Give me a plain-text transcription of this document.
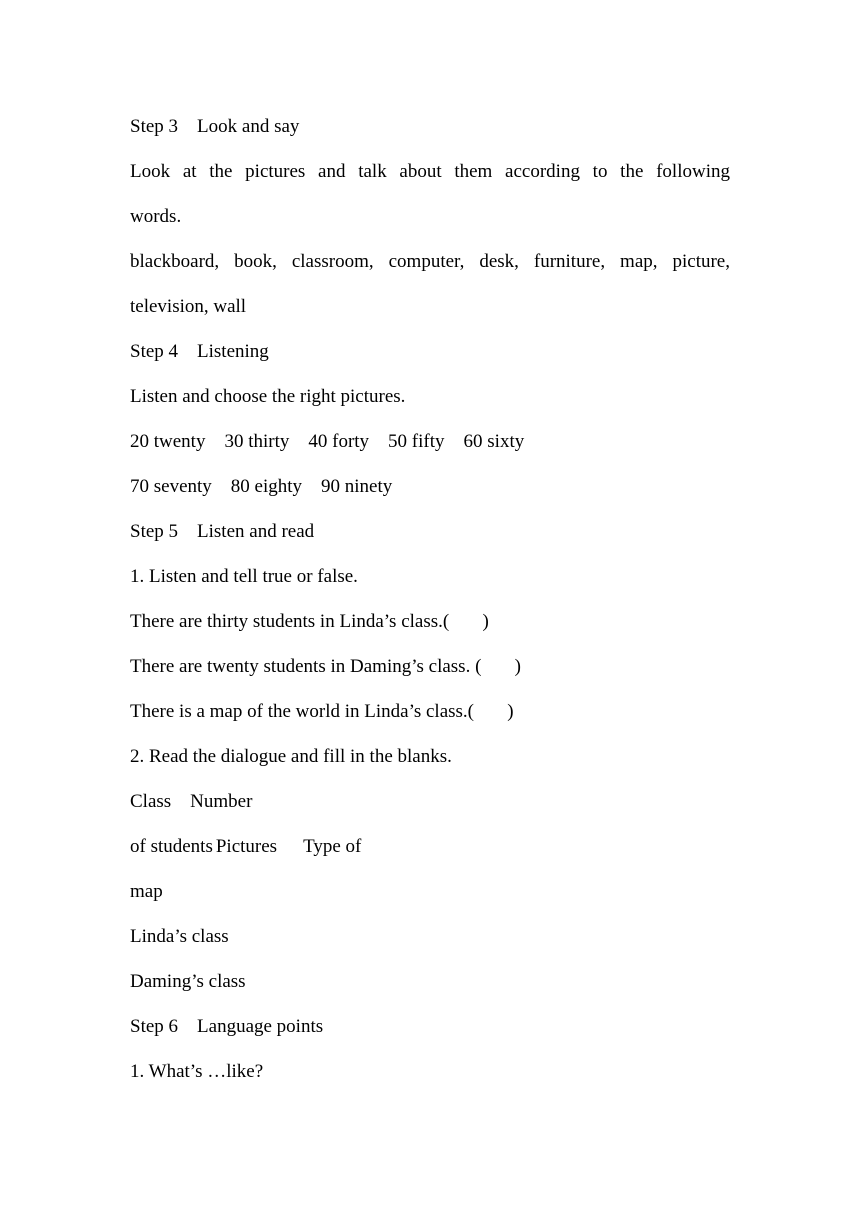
Step 3    Look and say
Look at the pictures and talk about them according to the following
words.
blackboard, book, classroom, computer, desk, furniture, map, picture,
television, wall
Step 4    Listening
Listen and choose the right pictures.
20 twenty    30 thirty    40 forty    50 fifty    60 sixty
70 seventy    80 eighty    90 ninety
Step 5    Listen and read
1. Listen and tell true or false.
There are thirty students in Linda’s class.(       )
There are twenty students in Daming’s class. (       )
There is a map of the world in Linda’s class.(       )
2. Read the dialogue and fill in the blanks.
Class    Number
of students Pictures Type of
map
Linda’s class
Daming’s class
Step 6    Language points
1. What’s …like?
